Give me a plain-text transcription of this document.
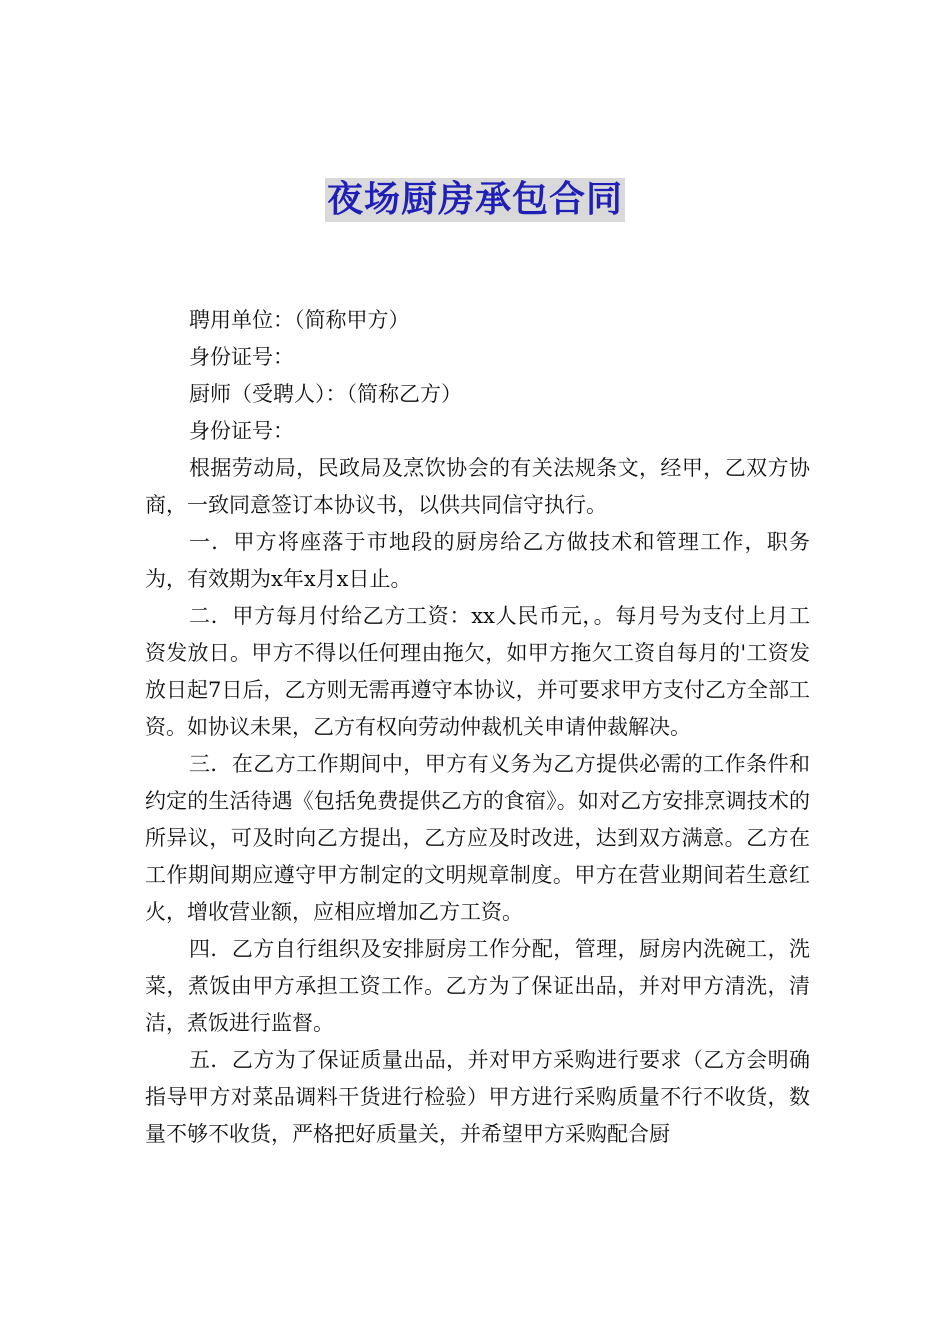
夜场厨房承包合同

聘用单位：（简称甲方）

身份证号：

厨师（受聘人）：（简称乙方）

身份证号：

根据劳动局，民政局及烹饮协会的有关法规条文，经甲，乙双方协商，一致同意签订本协议书，以供共同信守执行。

一．甲方将座落于市地段的厨房给乙方做技术和管理工作，职务为，有效期为x年x月x日止。

二．甲方每月付给乙方工资：xx人民币元，。每月号为支付上月工资发放日。甲方不得以任何理由拖欠，如甲方拖欠工资自每月的'工资发放日起7日后，乙方则无需再遵守本协议，并可要求甲方支付乙方全部工资。如协议未果，乙方有权向劳动仲裁机关申请仲裁解决。

三．在乙方工作期间中，甲方有义务为乙方提供必需的工作条件和约定的生活待遇《包括免费提供乙方的食宿》。如对乙方安排烹调技术的所异议，可及时向乙方提出，乙方应及时改进，达到双方满意。乙方在工作期间期应遵守甲方制定的文明规章制度。甲方在营业期间若生意红火，增收营业额，应相应增加乙方工资。

四．乙方自行组织及安排厨房工作分配，管理，厨房内洗碗工，洗菜，煮饭由甲方承担工资工作。乙方为了保证出品，并对甲方清洗，清洁，煮饭进行监督。

五．乙方为了保证质量出品，并对甲方采购进行要求（乙方会明确指导甲方对菜品调料干货进行检验）甲方进行采购质量不行不收货，数量不够不收货，严格把好质量关，并希望甲方采购配合厨
